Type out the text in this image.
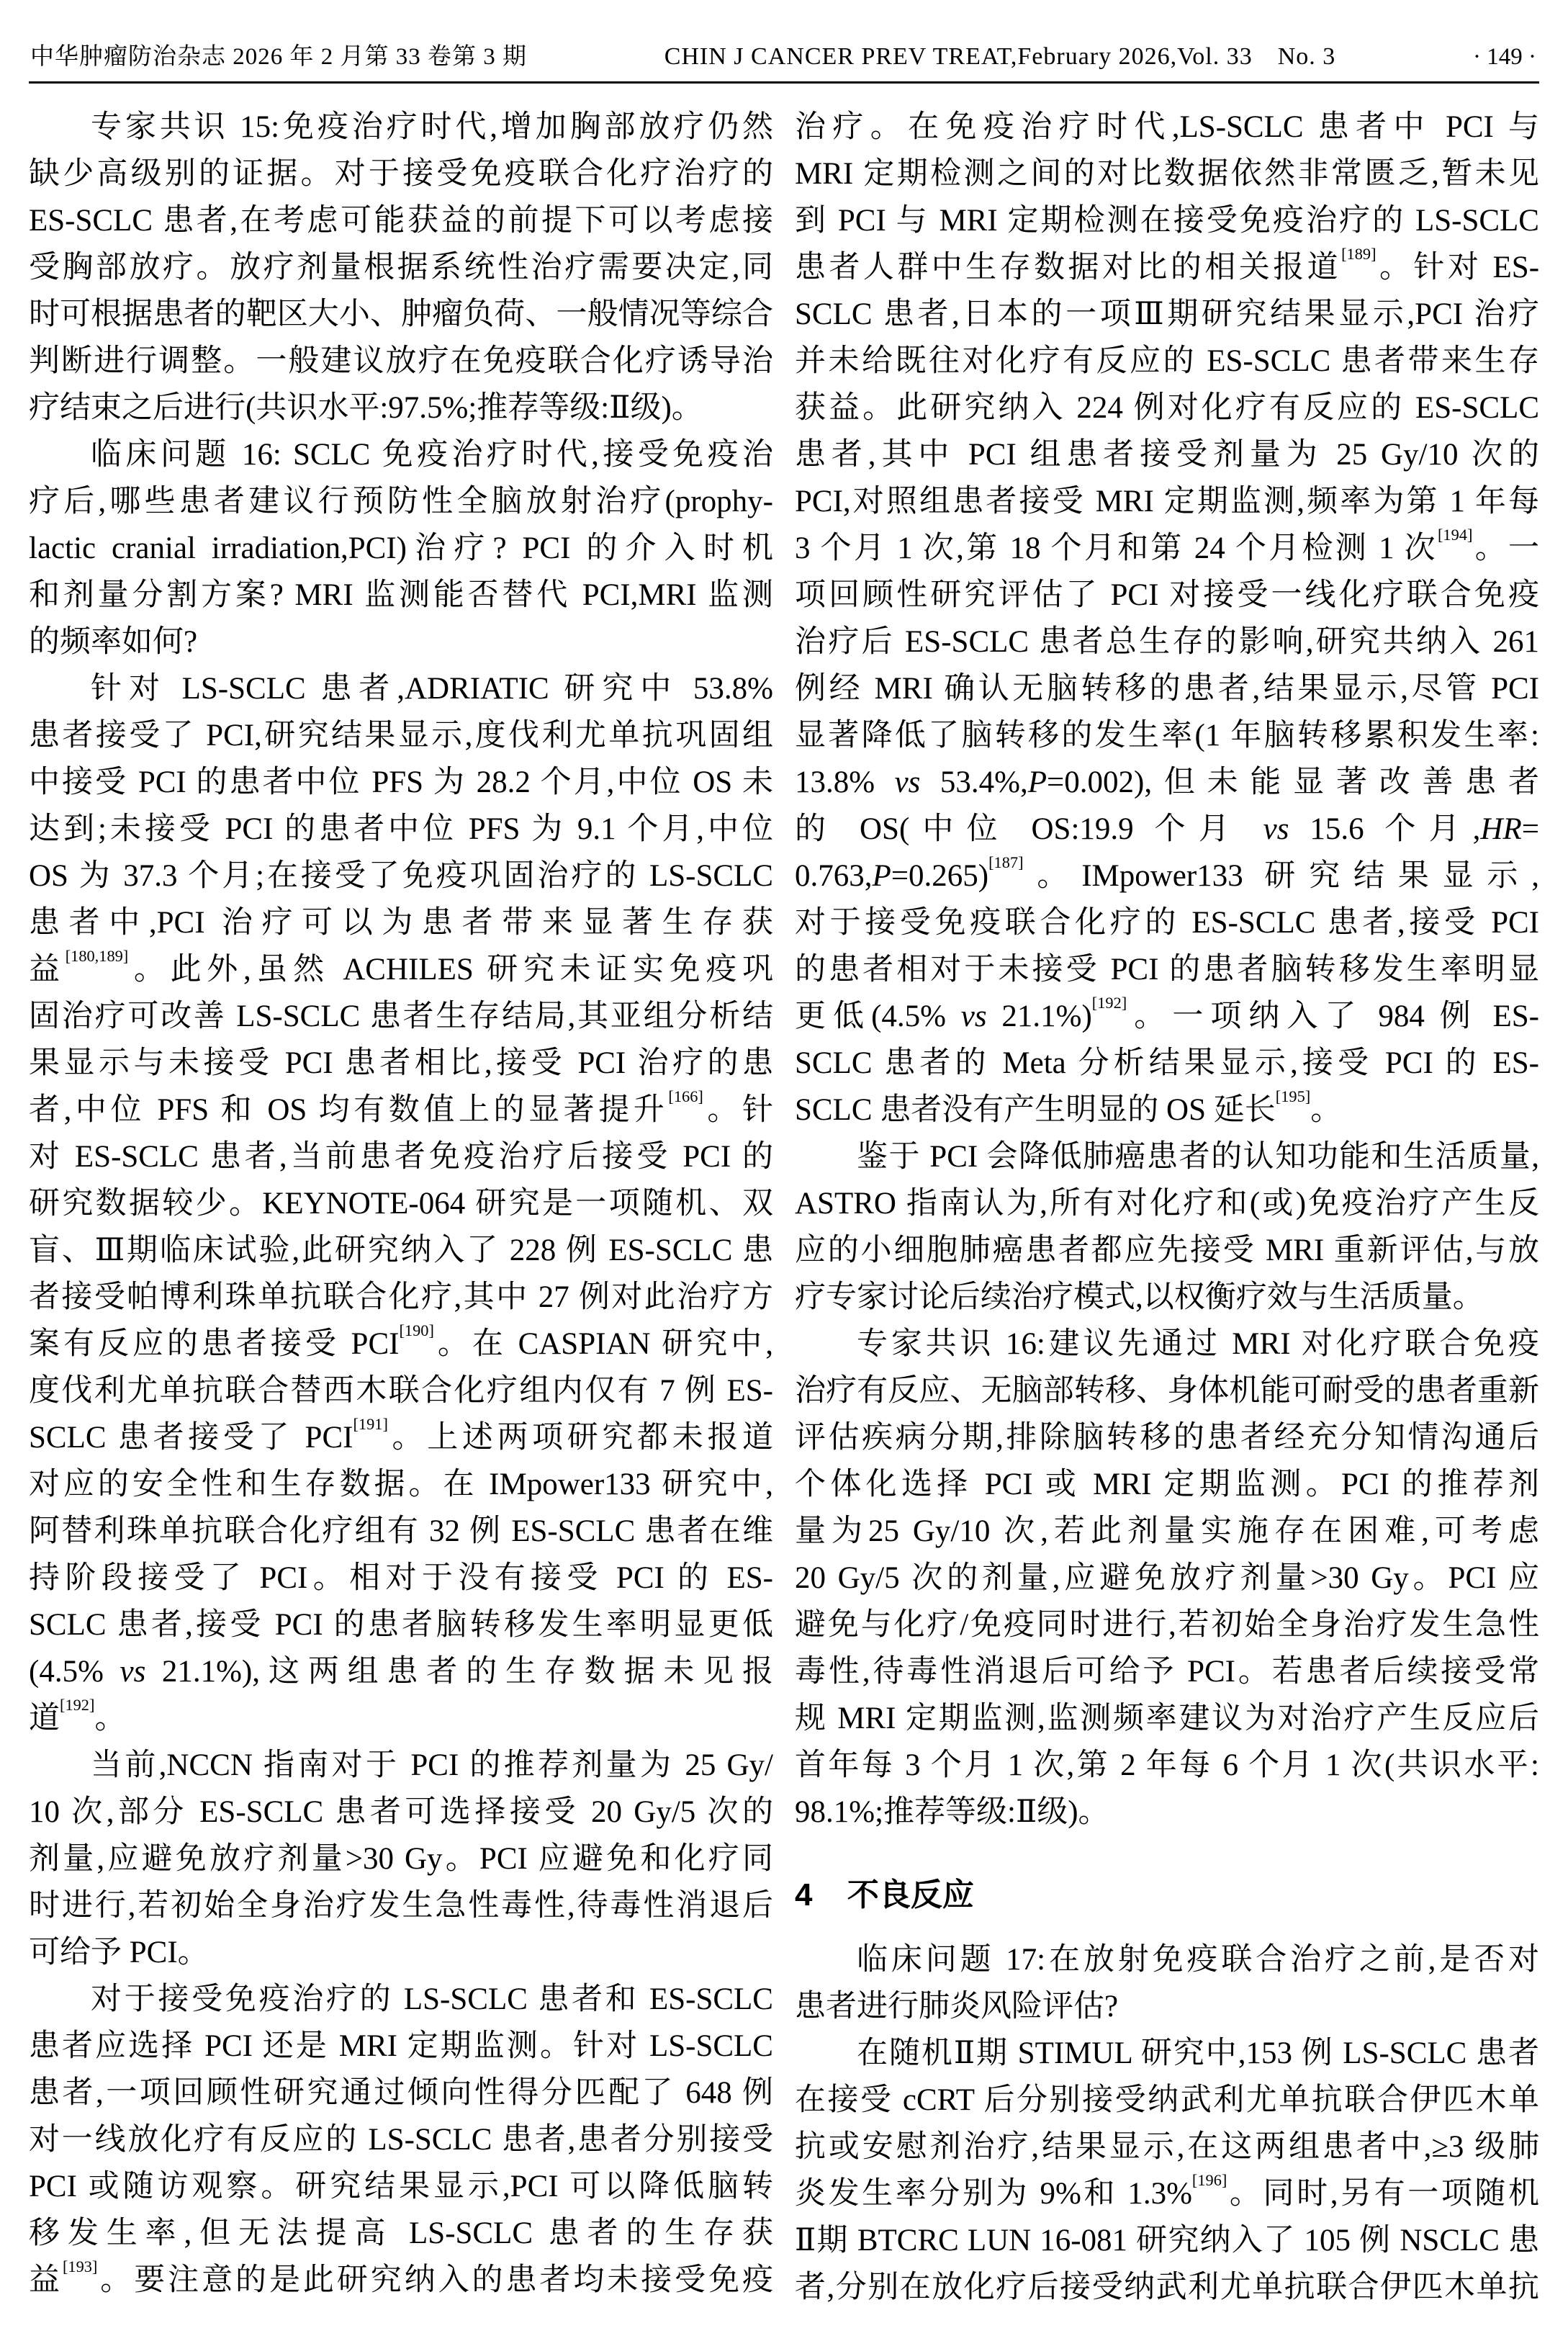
中华肿瘤防治杂志 2026 年 2 月第 33 卷第 3 期	CHIN J CANCER PREV TREAT,February 2026,Vol. 33　No. 3	· 149 ·
专家共识 15:免疫治疗时代,增加胸部放疗仍然
缺少高级别的证据。对于接受免疫联合化疗治疗的
ES-SCLC 患者,在考虑可能获益的前提下可以考虑接
受胸部放疗。放疗剂量根据系统性治疗需要决定,同
时可根据患者的靶区大小、肿瘤负荷、一般情况等综合
判断进行调整。一般建议放疗在免疫联合化疗诱导治
疗结束之后进行(共识水平:97.5%;推荐等级:Ⅱ级)。
临床问题 16: SCLC 免疫治疗时代,接受免疫治
疗后,哪些患者建议行预防性全脑放射治疗(prophy-
lactic cranial irradiation,PCI)治疗? PCI 的介入时机
和剂量分割方案? MRI 监测能否替代 PCI,MRI 监测
的频率如何?
针对 LS-SCLC 患者,ADRIATIC 研究中 53.8%
患者接受了 PCI,研究结果显示,度伐利尤单抗巩固组
中接受 PCI 的患者中位 PFS 为 28.2 个月,中位 OS 未
达到;未接受 PCI 的患者中位 PFS 为 9.1 个月,中位
OS 为 37.3 个月;在接受了免疫巩固治疗的 LS-SCLC
患者中,PCI 治疗可以为患者带来显著生存获
益[180,189]。此外,虽然 ACHILES 研究未证实免疫巩
固治疗可改善 LS-SCLC 患者生存结局,其亚组分析结
果显示与未接受 PCI 患者相比,接受 PCI 治疗的患
者,中位 PFS 和 OS 均有数值上的显著提升[166]。针
对 ES-SCLC 患者,当前患者免疫治疗后接受 PCI 的
研究数据较少。KEYNOTE-064 研究是一项随机、双
盲、Ⅲ期临床试验,此研究纳入了 228 例 ES-SCLC 患
者接受帕博利珠单抗联合化疗,其中 27 例对此治疗方
案有反应的患者接受 PCI[190]。在 CASPIAN 研究中,
度伐利尤单抗联合替西木联合化疗组内仅有 7 例 ES-
SCLC 患者接受了 PCI[191]。上述两项研究都未报道
对应的安全性和生存数据。在 IMpower133 研究中,
阿替利珠单抗联合化疗组有 32 例 ES-SCLC 患者在维
持阶段接受了 PCI。相对于没有接受 PCI 的 ES-
SCLC 患者,接受 PCI 的患者脑转移发生率明显更低
(4.5% vs 21.1%),这两组患者的生存数据未见报
道[192]。
当前,NCCN 指南对于 PCI 的推荐剂量为 25 Gy/
10 次,部分 ES-SCLC 患者可选择接受 20 Gy/5 次的
剂量,应避免放疗剂量>30 Gy。PCI 应避免和化疗同
时进行,若初始全身治疗发生急性毒性,待毒性消退后
可给予 PCI。
对于接受免疫治疗的 LS-SCLC 患者和 ES-SCLC
患者应选择 PCI 还是 MRI 定期监测。针对 LS-SCLC
患者,一项回顾性研究通过倾向性得分匹配了 648 例
对一线放化疗有反应的 LS-SCLC 患者,患者分别接受
PCI 或随访观察。研究结果显示,PCI 可以降低脑转
移发生率,但无法提高 LS-SCLC 患者的生存获
益[193]。要注意的是此研究纳入的患者均未接受免疫
治疗。在免疫治疗时代,LS-SCLC 患者中 PCI 与
MRI 定期检测之间的对比数据依然非常匮乏,暂未见
到 PCI 与 MRI 定期检测在接受免疫治疗的 LS-SCLC
患者人群中生存数据对比的相关报道[189]。针对 ES-
SCLC 患者,日本的一项Ⅲ期研究结果显示,PCI 治疗
并未给既往对化疗有反应的 ES-SCLC 患者带来生存
获益。此研究纳入 224 例对化疗有反应的 ES-SCLC
患者,其中 PCI 组患者接受剂量为 25 Gy/10 次的
PCI,对照组患者接受 MRI 定期监测,频率为第 1 年每
3 个月 1 次,第 18 个月和第 24 个月检测 1 次[194]。一
项回顾性研究评估了 PCI 对接受一线化疗联合免疫
治疗后 ES-SCLC 患者总生存的影响,研究共纳入 261
例经 MRI 确认无脑转移的患者,结果显示,尽管 PCI
显著降低了脑转移的发生率(1 年脑转移累积发生率:
13.8% vs 53.4%,P=0.002),但未能显著改善患者
的 OS(中位 OS:19.9 个月 vs 15.6 个月,HR=
0.763,P=0.265)[187]。IMpower133 研究结果显示,
对于接受免疫联合化疗的 ES-SCLC 患者,接受 PCI
的患者相对于未接受 PCI 的患者脑转移发生率明显
更低(4.5% vs 21.1%)[192]。一项纳入了 984 例 ES-
SCLC 患者的 Meta 分析结果显示,接受 PCI 的 ES-
SCLC 患者没有产生明显的 OS 延长[195]。
鉴于 PCI 会降低肺癌患者的认知功能和生活质量,
ASTRO 指南认为,所有对化疗和(或)免疫治疗产生反
应的小细胞肺癌患者都应先接受 MRI 重新评估,与放
疗专家讨论后续治疗模式,以权衡疗效与生活质量。
专家共识 16:建议先通过 MRI 对化疗联合免疫
治疗有反应、无脑部转移、身体机能可耐受的患者重新
评估疾病分期,排除脑转移的患者经充分知情沟通后
个体化选择 PCI 或 MRI 定期监测。PCI 的推荐剂
量为25 Gy/10 次,若此剂量实施存在困难,可考虑
20 Gy/5 次的剂量,应避免放疗剂量>30 Gy。PCI 应
避免与化疗/免疫同时进行,若初始全身治疗发生急性
毒性,待毒性消退后可给予 PCI。若患者后续接受常
规 MRI 定期监测,监测频率建议为对治疗产生反应后
首年每 3 个月 1 次,第 2 年每 6 个月 1 次(共识水平:
98.1%;推荐等级:Ⅱ级)。
4 不良反应
临床问题 17:在放射免疫联合治疗之前,是否对
患者进行肺炎风险评估?
在随机Ⅱ期 STIMUL 研究中,153 例 LS-SCLC 患者
在接受 cCRT 后分别接受纳武利尤单抗联合伊匹木单
抗或安慰剂治疗,结果显示,在这两组患者中,≥3 级肺
炎发生率分别为 9%和 1.3%[196]。同时,另有一项随机
Ⅱ期 BTCRC LUN 16-081 研究纳入了 105 例 NSCLC 患
者,分别在放化疗后接受纳武利尤单抗联合伊匹木单抗
